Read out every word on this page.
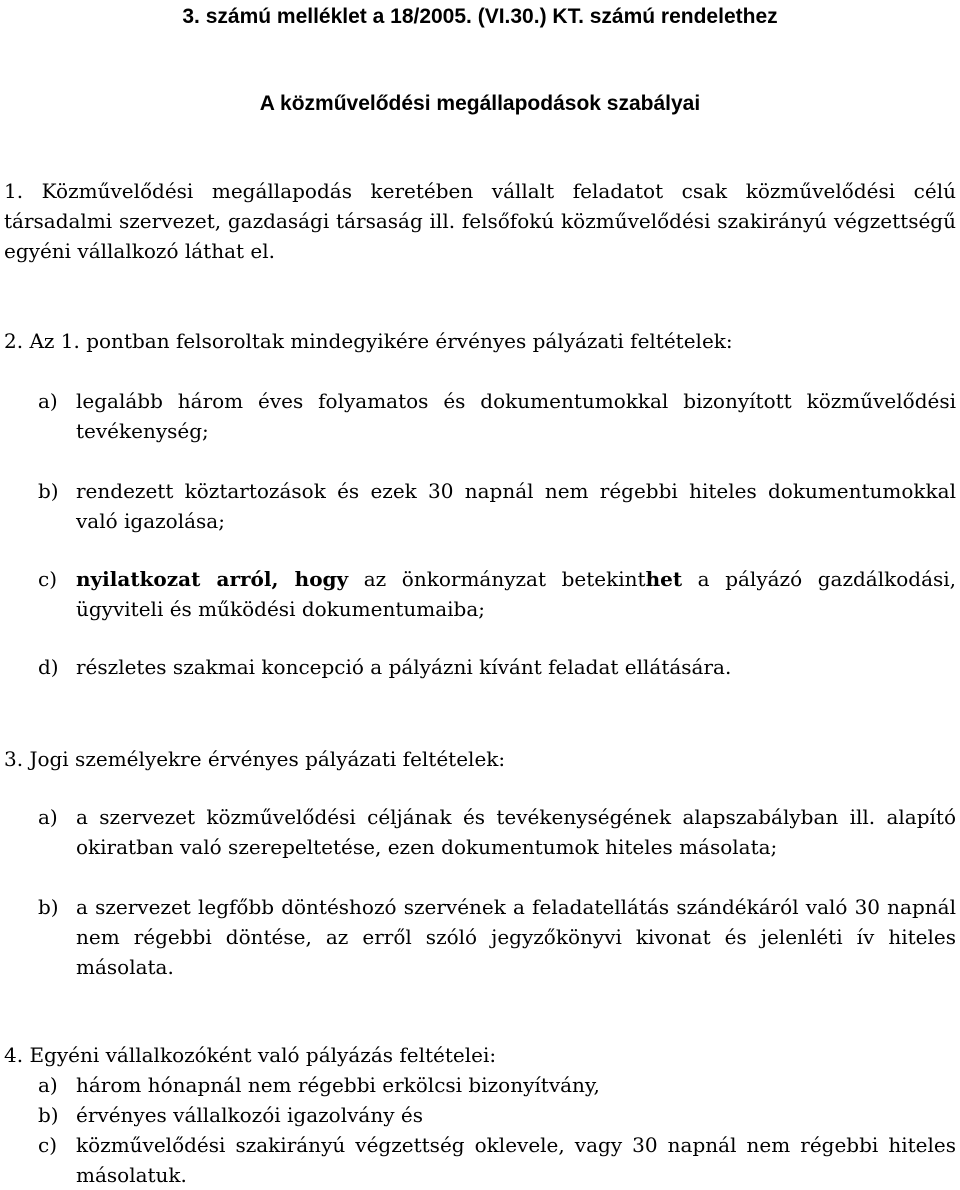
3. számú melléklet a 18/2005. (VI.30.) KT. számú rendelethez
A közművelődési megállapodások szabályai
1. Közművelődési megállapodás keretében vállalt feladatot csak közművelődési célú társadalmi szervezet, gazdasági társaság ill. felsőfokú közművelődési szakirányú végzettségű egyéni vállalkozó láthat el.
2. Az 1. pontban felsoroltak mindegyikére érvényes pályázati feltételek:
a) legalább három éves folyamatos és dokumentumokkal bizonyított közművelődési tevékenység;
b) rendezett köztartozások és ezek 30 napnál nem régebbi hiteles dokumentumokkal való igazolása;
c) nyilatkozat arról, hogy az önkormányzat betekinthet a pályázó gazdálkodási, ügyviteli és működési dokumentumaiba;
d) részletes szakmai koncepció a pályázni kívánt feladat ellátására.
3. Jogi személyekre érvényes pályázati feltételek:
a) a szervezet közművelődési céljának és tevékenységének alapszabályban ill. alapító okiratban való szerepeltetése, ezen dokumentumok hiteles másolata;
b) a szervezet legfőbb döntéshozó szervének a feladatellátás szándékáról való 30 napnál nem régebbi döntése, az erről szóló jegyzőkönyvi kivonat és jelenléti ív hiteles másolata.
4. Egyéni vállalkozóként való pályázás feltételei:
a) három hónapnál nem régebbi erkölcsi bizonyítvány,
b) érvényes vállalkozói igazolvány és
c) közművelődési szakirányú végzettség oklevele, vagy 30 napnál nem régebbi hiteles másolatuk.
